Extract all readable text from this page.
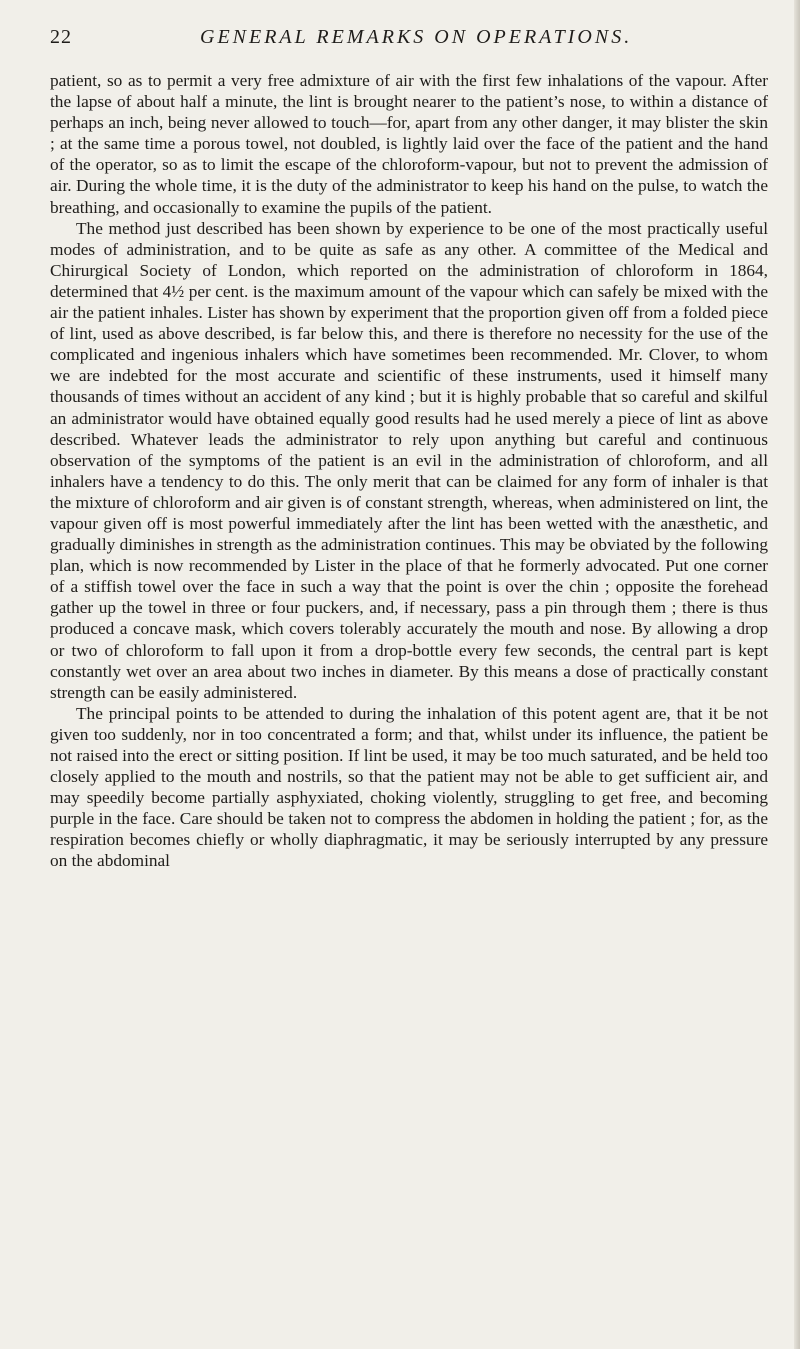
22	GENERAL REMARKS ON OPERATIONS.

patient, so as to permit a very free admixture of air with the first few inhalations of the vapour. After the lapse of about half a minute, the lint is brought nearer to the patient’s nose, to within a distance of perhaps an inch, being never allowed to touch—for, apart from any other danger, it may blister the skin ; at the same time a porous towel, not doubled, is lightly laid over the face of the patient and the hand of the operator, so as to limit the escape of the chloroform-vapour, but not to prevent the admission of air. During the whole time, it is the duty of the administrator to keep his hand on the pulse, to watch the breathing, and occasionally to examine the pupils of the patient.

The method just described has been shown by experience to be one of the most practically useful modes of administration, and to be quite as safe as any other. A committee of the Medical and Chirurgical Society of London, which reported on the administration of chloroform in 1864, determined that 4½ per cent. is the maximum amount of the vapour which can safely be mixed with the air the patient inhales. Lister has shown by experiment that the proportion given off from a folded piece of lint, used as above described, is far below this, and there is therefore no necessity for the use of the complicated and ingenious inhalers which have sometimes been recommended. Mr. Clover, to whom we are indebted for the most accurate and scientific of these instruments, used it himself many thousands of times without an accident of any kind ; but it is highly probable that so careful and skilful an administrator would have obtained equally good results had he used merely a piece of lint as above described. Whatever leads the administrator to rely upon anything but careful and continuous observation of the symptoms of the patient is an evil in the administration of chloroform, and all inhalers have a tendency to do this. The only merit that can be claimed for any form of inhaler is that the mixture of chloroform and air given is of constant strength, whereas, when administered on lint, the vapour given off is most powerful immediately after the lint has been wetted with the anæsthetic, and gradually diminishes in strength as the administration continues. This may be obviated by the following plan, which is now recommended by Lister in the place of that he formerly advocated. Put one corner of a stiffish towel over the face in such a way that the point is over the chin ; opposite the forehead gather up the towel in three or four puckers, and, if necessary, pass a pin through them ; there is thus produced a concave mask, which covers tolerably accurately the mouth and nose. By allowing a drop or two of chloroform to fall upon it from a drop-bottle every few seconds, the central part is kept constantly wet over an area about two inches in diameter. By this means a dose of practically constant strength can be easily administered.

The principal points to be attended to during the inhalation of this potent agent are, that it be not given too suddenly, nor in too concentrated a form; and that, whilst under its influence, the patient be not raised into the erect or sitting position. If lint be used, it may be too much saturated, and be held too closely applied to the mouth and nostrils, so that the patient may not be able to get sufficient air, and may speedily become partially asphyxiated, choking violently, struggling to get free, and becoming purple in the face. Care should be taken not to compress the abdomen in holding the patient ; for, as the respiration becomes chiefly or wholly diaphragmatic, it may be seriously interrupted by any pressure on the abdominal
